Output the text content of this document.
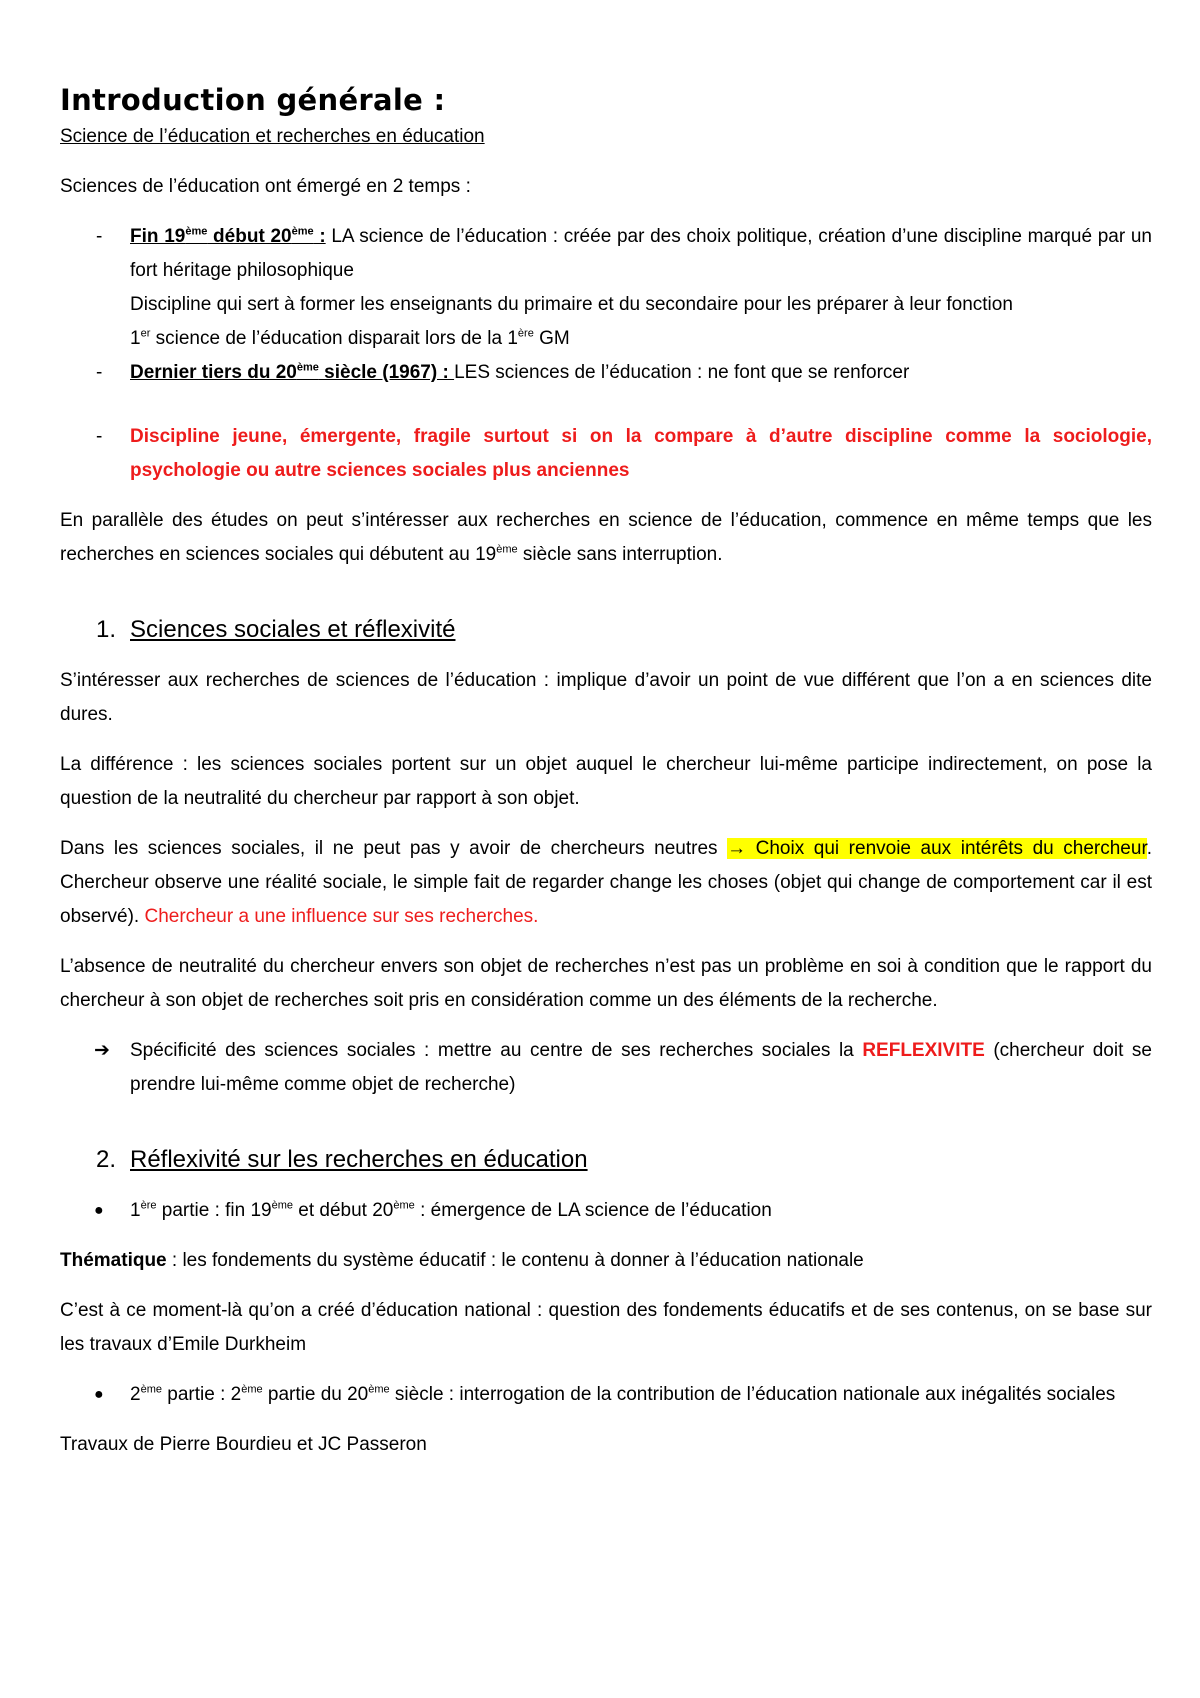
Introduction générale :
Science de l’éducation et recherches en éducation

Sciences de l’éducation ont émergé en 2 temps :

- Fin 19ème début 20ème : LA science de l’éducation : créée par des choix politique, création d’une discipline marqué par un fort héritage philosophique
Discipline qui sert à former les enseignants du primaire et du secondaire pour les préparer à leur fonction
1er science de l’éducation disparait lors de la 1ère GM
- Dernier tiers du 20ème siècle (1967) : LES sciences de l’éducation : ne font que se renforcer
- Discipline jeune, émergente, fragile surtout si on la compare à d’autre discipline comme la sociologie, psychologie ou autre sciences sociales plus anciennes

En parallèle des études on peut s’intéresser aux recherches en science de l’éducation, commence en même temps que les recherches en sciences sociales qui débutent au 19ème siècle sans interruption.

1. Sciences sociales et réflexivité

S’intéresser aux recherches de sciences de l’éducation : implique d’avoir un point de vue différent que l’on a en sciences dite dures.

La différence : les sciences sociales portent sur un objet auquel le chercheur lui-même participe indirectement, on pose la question de la neutralité du chercheur par rapport à son objet.

Dans les sciences sociales, il ne peut pas y avoir de chercheurs neutres → Choix qui renvoie aux intérêts du chercheur. Chercheur observe une réalité sociale, le simple fait de regarder change les choses (objet qui change de comportement car il est observé). Chercheur a une influence sur ses recherches.

L’absence de neutralité du chercheur envers son objet de recherches n’est pas un problème en soi à condition que le rapport du chercheur à son objet de recherches soit pris en considération comme un des éléments de la recherche.

➔ Spécificité des sciences sociales : mettre au centre de ses recherches sociales la REFLEXIVITE (chercheur doit se prendre lui-même comme objet de recherche)
2. Réflexivité sur les recherches en éducation
● 1ère partie : fin 19ème et début 20ème : émergence de LA science de l’éducation

Thématique : les fondements du système éducatif : le contenu à donner à l’éducation nationale

C’est à ce moment-là qu’on a créé d’éducation national : question des fondements éducatifs et de ses contenus, on se base sur les travaux d’Emile Durkheim

● 2ème partie : 2ème partie du 20ème siècle : interrogation de la contribution de l’éducation nationale aux inégalités sociales

Travaux de Pierre Bourdieu et JC Passeron
